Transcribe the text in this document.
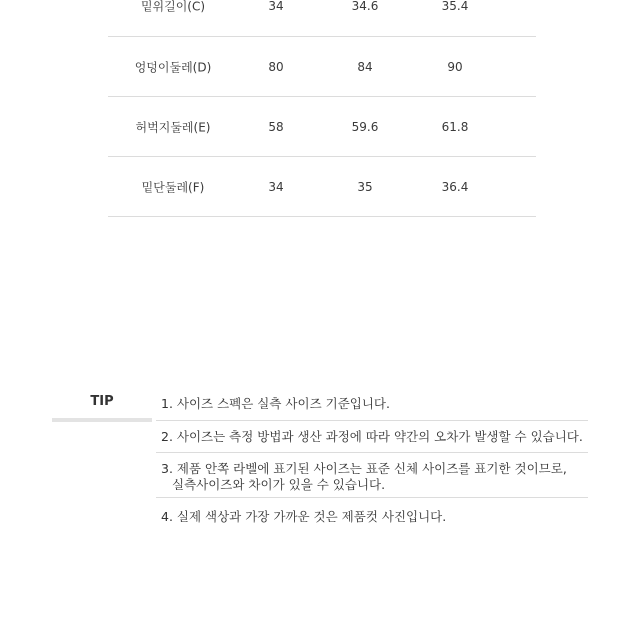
밑위길이(C)	34	34.6	35.4
엉덩이둘레(D)	80	84	90
허벅지둘레(E)	58	59.6	61.8
밑단둘레(F)	34	35	36.4
TIP	1. 사이즈 스펙은 실측 사이즈 기준입니다.
2. 사이즈는 측정 방법과 생산 과정에 따라 약간의 오차가 발생할 수 있습니다.
3. 제품 안쪽 라벨에 표기된 사이즈는 표준 신체 사이즈를 표기한 것이므로,
실측사이즈와 차이가 있을 수 있습니다.
4. 실제 색상과 가장 가까운 것은 제품컷 사진입니다.
